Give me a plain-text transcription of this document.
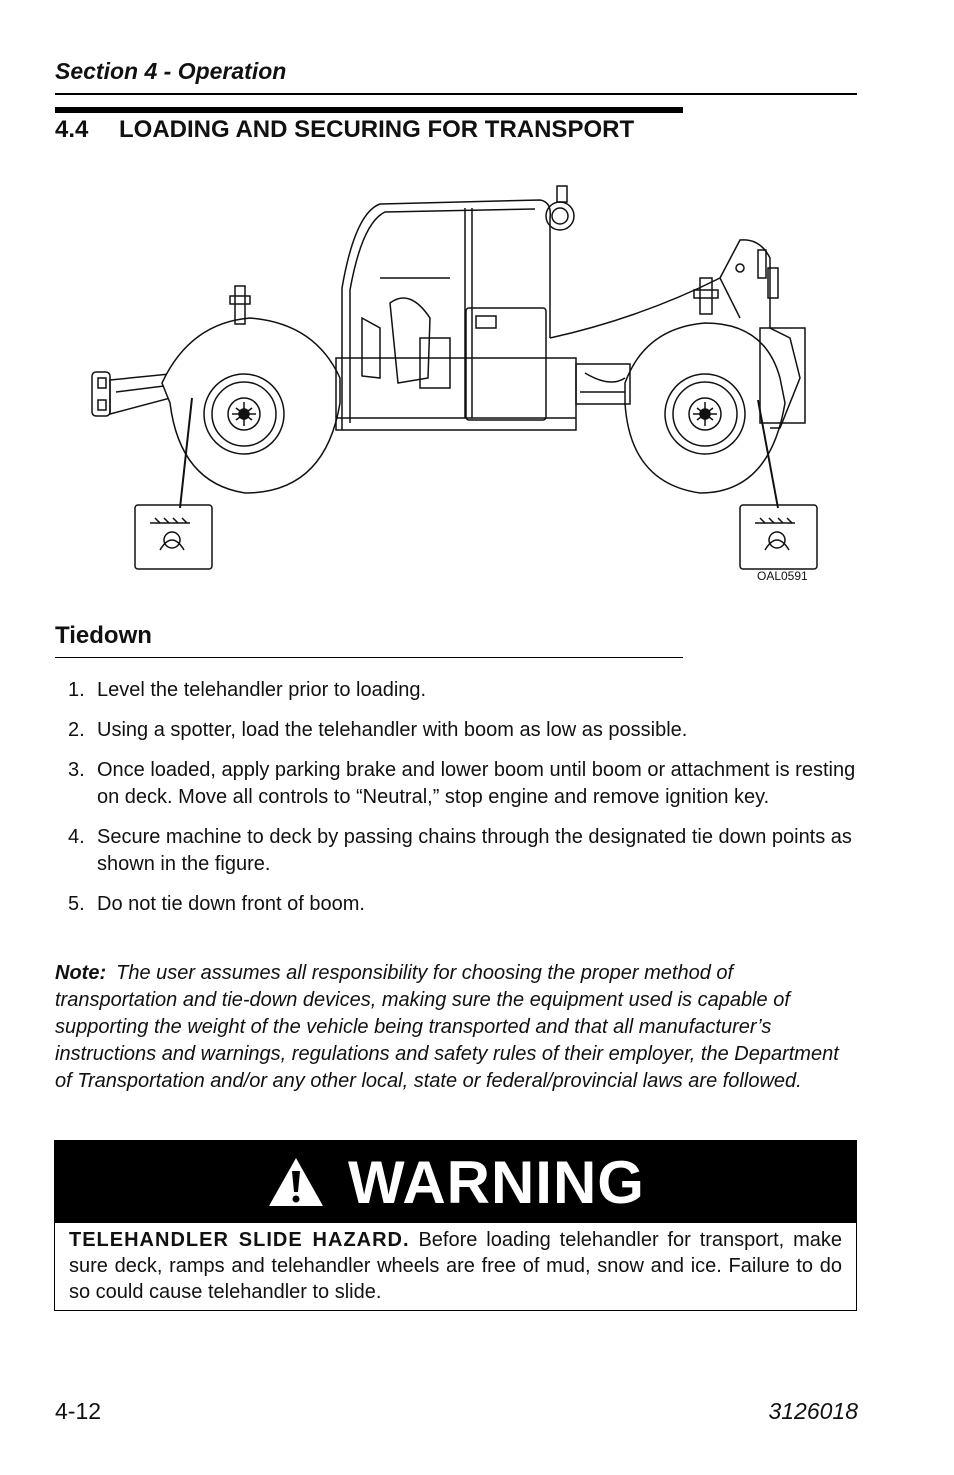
Section 4 - Operation
4.4 LOADING AND SECURING FOR TRANSPORT
OAL0591
Tiedown
1. Level the telehandler prior to loading.
2. Using a spotter, load the telehandler with boom as low as possible.
3. Once loaded, apply parking brake and lower boom until boom or attachment is resting on deck. Move all controls to “Neutral,” stop engine and remove ignition key.
4. Secure machine to deck by passing chains through the designated tie down points as shown in the figure.
5. Do not tie down front of boom.
Note: The user assumes all responsibility for choosing the proper method of transportation and tie-down devices, making sure the equipment used is capable of supporting the weight of the vehicle being transported and that all manufacturer’s instructions and warnings, regulations and safety rules of their employer, the Department of Transportation and/or any other local, state or federal/provincial laws are followed.
WARNING
TELEHANDLER SLIDE HAZARD. Before loading telehandler for transport, make sure deck, ramps and telehandler wheels are free of mud, snow and ice. Failure to do so could cause telehandler to slide.
4-12	3126018
